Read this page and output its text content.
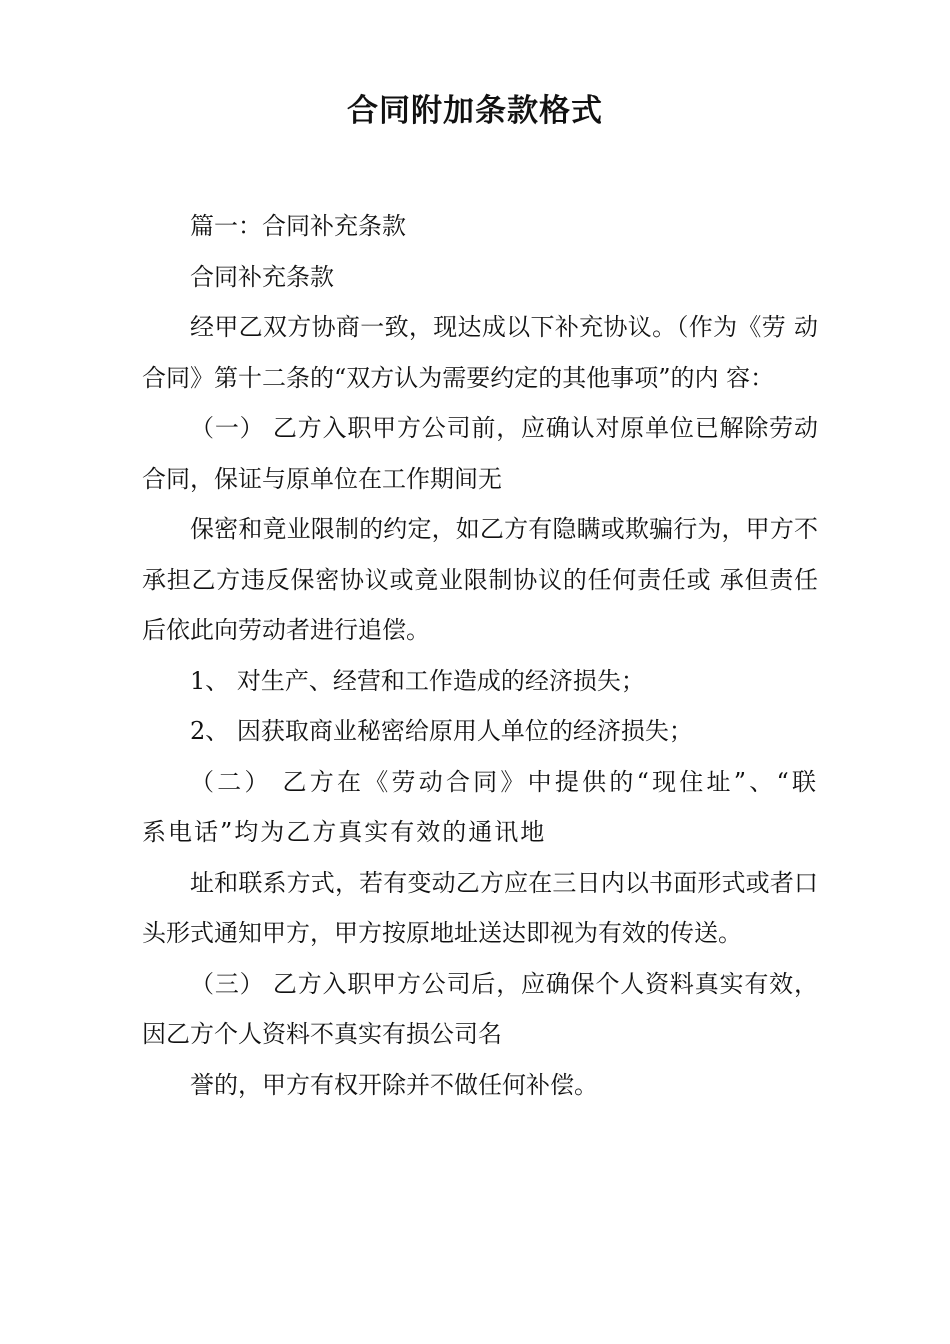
合同附加条款格式

篇一：合同补充条款

合同补充条款

经甲乙双方协商一致，现达成以下补充协议。（作为《劳 动合同》第十二条的“双方认为需要约定的其他事项”的内 容：

（一） 乙方入职甲方公司前，应确认对原单位已解除劳动合同，保证与原单位在工作期间无

保密和竟业限制的约定，如乙方有隐瞒或欺骗行为，甲方不承担乙方违反保密协议或竟业限制协议的任何责任或 承但责任后依此向劳动者进行追偿。

1、 对生产、经营和工作造成的经济损失；

2、 因获取商业秘密给原用人单位的经济损失；

（二） 乙方在《劳动合同》中提供的“现住址”、“联 系电话”均为乙方真实有效的通讯地

址和联系方式，若有变动乙方应在三日内以书面形式或者口头形式通知甲方，甲方按原地址送达即视为有效的传送。

（三） 乙方入职甲方公司后，应确保个人资料真实有效，因乙方个人资料不真实有损公司名

誉的，甲方有权开除并不做任何补偿。
